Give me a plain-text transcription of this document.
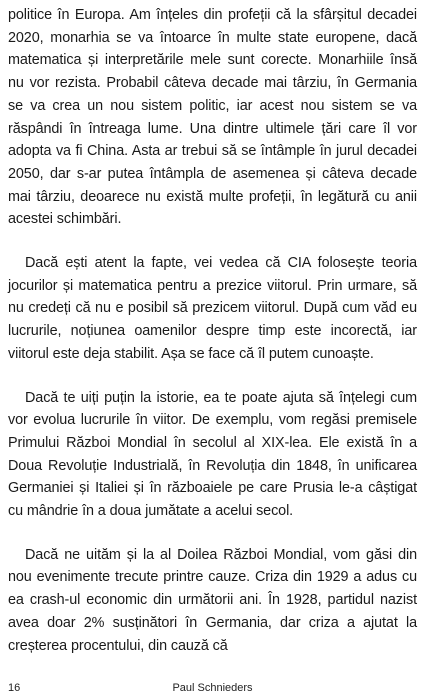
politice în Europa. Am înțeles din profeții că la sfârșitul decadei 2020, monarhia se va întoarce în multe state europene, dacă matematica și interpretările mele sunt corecte. Monarhiile însă nu vor rezista. Probabil câteva decade mai târziu, în Germania se va crea un nou sistem politic, iar acest nou sistem se va răspândi în întreaga lume. Una dintre ultimele țări care îl vor adopta va fi China. Asta ar trebui să se întâmple în jurul decadei 2050, dar s-ar putea întâmpla de asemenea și câteva decade mai târziu, deoarece nu există multe profeții, în legătură cu anii acestei schimbări.

Dacă ești atent la fapte, vei vedea că CIA folosește teoria jocurilor și matematica pentru a prezice viitorul. Prin urmare, să nu credeți că nu e posibil să prezicem viitorul. După cum văd eu lucrurile, noțiunea oamenilor despre timp este incorectă, iar viitorul este deja stabilit. Așa se face că îl putem cunoaște.

Dacă te uiți puțin la istorie, ea te poate ajuta să înțelegi cum vor evolua lucrurile în viitor. De exemplu, vom regăsi premisele Primului Război Mondial în secolul al XIX-lea. Ele există în a Doua Revoluție Industrială, în Revoluția din 1848, în unificarea Germaniei și Italiei și în războaiele pe care Prusia le-a câștigat cu mândrie în a doua jumătate a acelui secol.

Dacă ne uităm și la al Doilea Război Mondial, vom găsi din nou evenimente trecute printre cauze. Criza din 1929 a adus cu ea crash-ul economic din următorii ani. În 1928, partidul nazist avea doar 2% susținători în Germania, dar criza a ajutat la creșterea procentului, din cauză că

16	Paul Schnieders
